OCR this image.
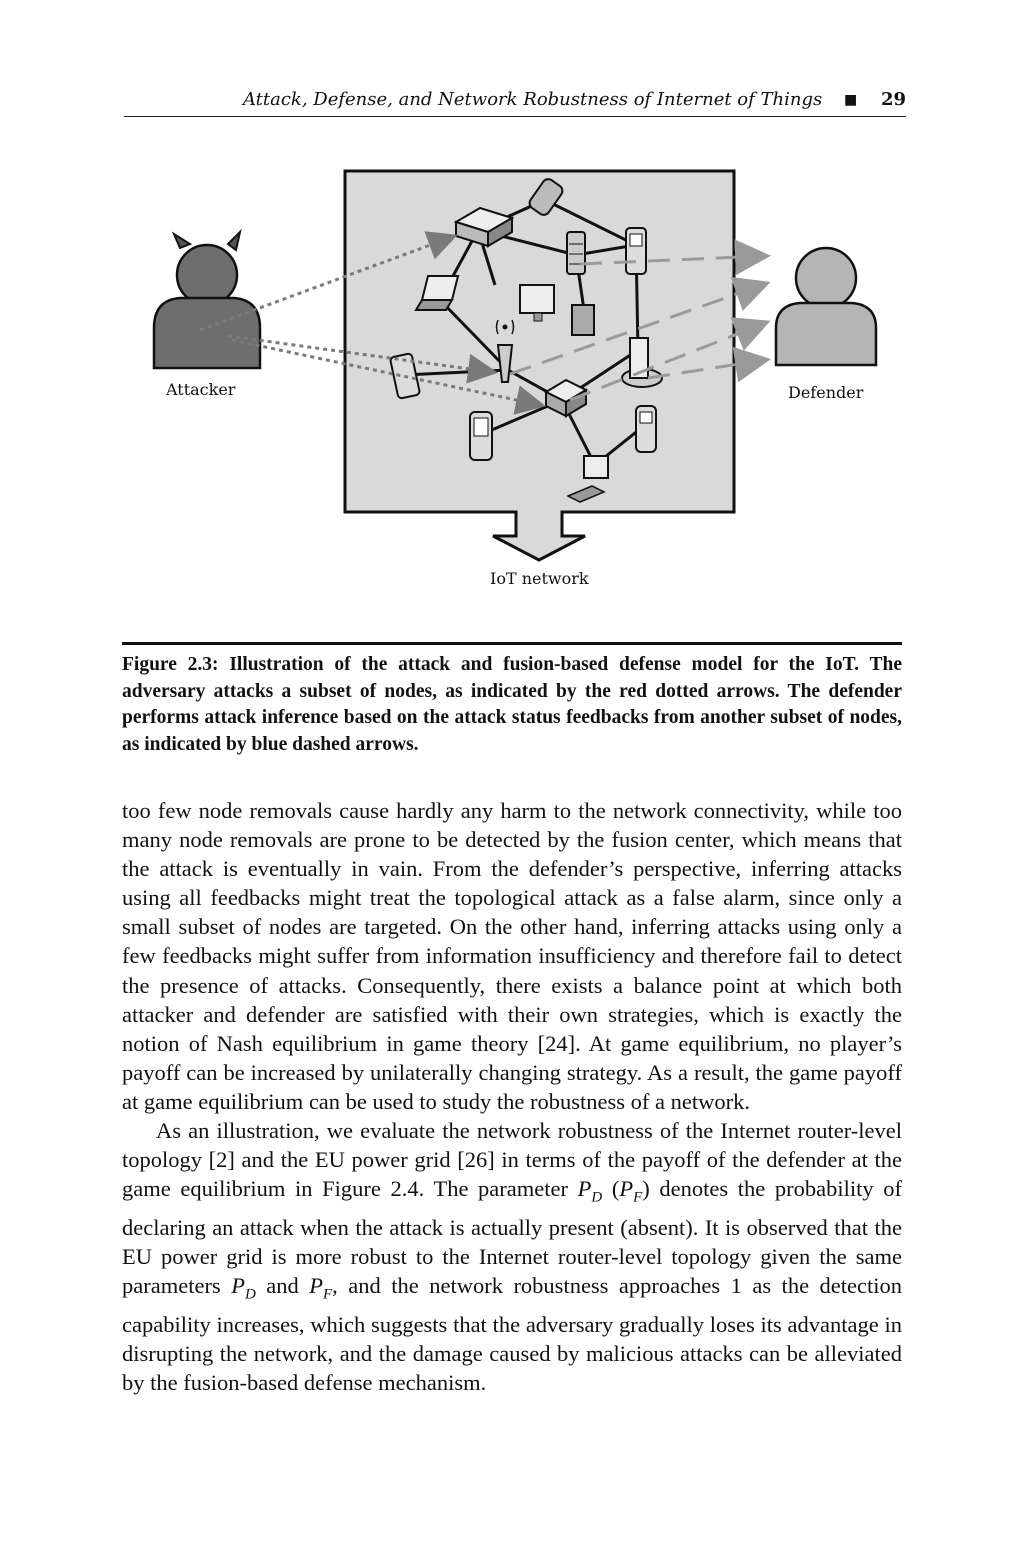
Attack, Defense, and Network Robustness of Internet of Things ■ 29
Attacker	Defender
IoT network
Figure 2.3: Illustration of the attack and fusion-based defense model for the IoT. The adversary attacks a subset of nodes, as indicated by the red dotted arrows. The defender performs attack inference based on the attack status feedbacks from another subset of nodes, as indicated by blue dashed arrows.

too few node removals cause hardly any harm to the network connectivity, while too many node removals are prone to be detected by the fusion center, which means that the attack is eventually in vain. From the defender’s perspective, inferring attacks using all feedbacks might treat the topological attack as a false alarm, since only a small subset of nodes are targeted. On the other hand, inferring attacks using only a few feedbacks might suffer from information insufficiency and therefore fail to detect the presence of attacks. Consequently, there exists a balance point at which both attacker and defender are satisfied with their own strategies, which is exactly the notion of Nash equilibrium in game theory [24]. At game equilibrium, no player’s payoff can be increased by unilaterally changing strategy. As a result, the game payoff at game equilibrium can be used to study the robustness of a network.

As an illustration, we evaluate the network robustness of the Internet router-level topology [2] and the EU power grid [26] in terms of the payoff of the defender at the game equilibrium in Figure 2.4. The parameter $P_D$ $(P_F)$ denotes the probability of declaring an attack when the attack is actually present (absent). It is observed that the EU power grid is more robust to the Internet router-level topology given the same parameters $P_D$ and $P_F$, and the network robustness approaches 1 as the detection capability increases, which suggests that the adversary gradually loses its advantage in disrupting the network, and the damage caused by malicious attacks can be alleviated by the fusion-based defense mechanism.
